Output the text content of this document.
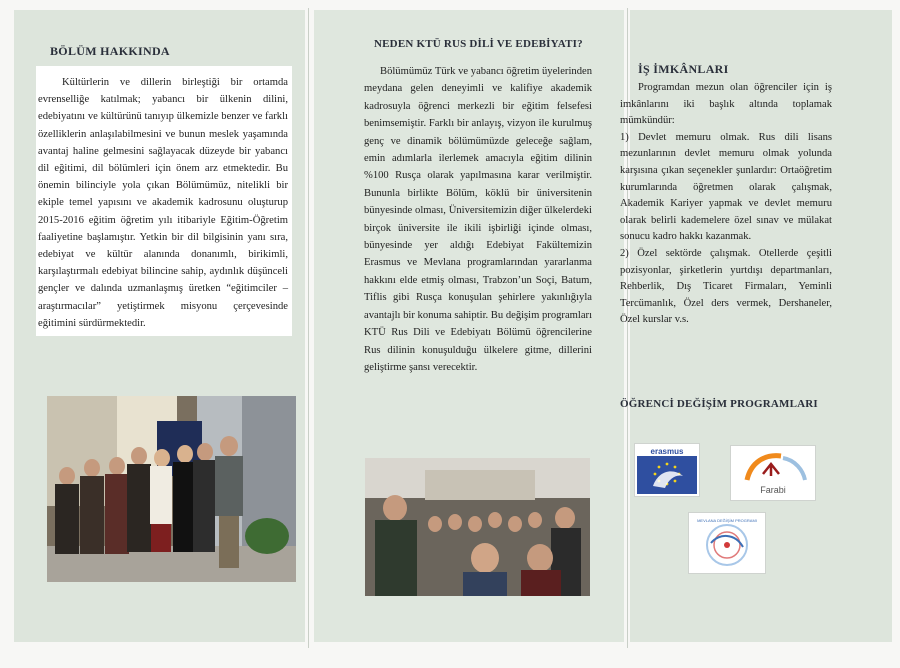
BÖLÜM HAKKINDA
Kültürlerin ve dillerin birleştiği bir ortamda evrenselliğe katılmak; yabancı bir ülkenin dilini, edebiyatını ve kültürünü tanıyıp ülkemizle benzer ve farklı özelliklerin anlaşılabilmesini ve bunun meslek yaşamında avantaj haline gelmesini sağlayacak düzeyde bir yabancı dil eğitimi, dil bölümleri için önem arz etmektedir. Bu önemin bilinciyle yola çıkan Bölümümüz, nitelikli bir ekiple temel yapısını ve akademik kadrosunu oluşturup 2015-2016 eğitim öğretim yılı itibariyle Eğitim-Öğretim faaliyetine başlamıştır. Yetkin bir dil bilgisinin yanı sıra, edebiyat ve kültür alanında donanımlı, birikimli, karşılaştırmalı edebiyat bilincine sahip, aydınlık düşünceli gençler ve dalında uzmanlaşmış üretken “eğitimciler – araştırmacılar” yetiştirmek misyonu çerçevesinde eğitimini sürdürmektedir.
NEDEN KTÜ RUS DİLİ VE EDEBİYATI?
Bölümümüz Türk ve yabancı öğretim üyelerinden meydana gelen deneyimli ve kalifiye akademik kadrosuyla öğrenci merkezli bir eğitim felsefesi benimsemiştir. Farklı bir anlayış, vizyon ile kurulmuş genç ve dinamik bölümümüzde geleceğe sağlam, emin adımlarla ilerlemek amacıyla eğitim dilinin %100 Rusça olarak yapılmasına karar verilmiştir. Bununla birlikte Bölüm, köklü bir üniversitenin bünyesinde olması, Üniversitemizin diğer ülkelerdeki birçok üniversite ile ikili işbirliği içinde olması, bünyesinde yer aldığı Edebiyat Fakültemizin Erasmus ve Mevlana programlarından yararlanma hakkını elde etmiş olması, Trabzon’un Soçi, Batum, Tiflis gibi Rusça konuşulan şehirlere yakınlığıyla avantajlı bir konuma sahiptir. Bu değişim programları KTÜ Rus Dili ve Edebiyatı Bölümü öğrencilerine Rus dilinin konuşulduğu ülkelere gitme, dillerini geliştirme şansı verecektir.
İŞ İMKÂNLARI

Programdan mezun olan öğrenciler için iş imkânlarını iki başlık altında toplamak mümkündür:

1) Devlet memuru olmak. Rus dili lisans mezunlarının devlet memuru olmak yolunda karşısına çıkan seçenekler şunlardır: Ortaöğretim kurumlarında öğretmen olarak çalışmak, Akademik Kariyer yapmak ve devlet memuru olarak belirli kademelere özel sınav ve mülakat sonucu kadro hakkı kazanmak.

2) Özel sektörde çalışmak. Otellerde çeşitli pozisyonlar, şirketlerin yurtdışı departmanları, Rehberlik, Dış Ticaret Firmaları, Yeminli Tercümanlık, Özel ders vermek, Dershaneler, Özel kurslar v.s.

ÖĞRENCİ DEĞİŞİM PROGRAMLARI
erasmus
Farabi
MEVLANA DEĞİŞİM PROGRAMI
